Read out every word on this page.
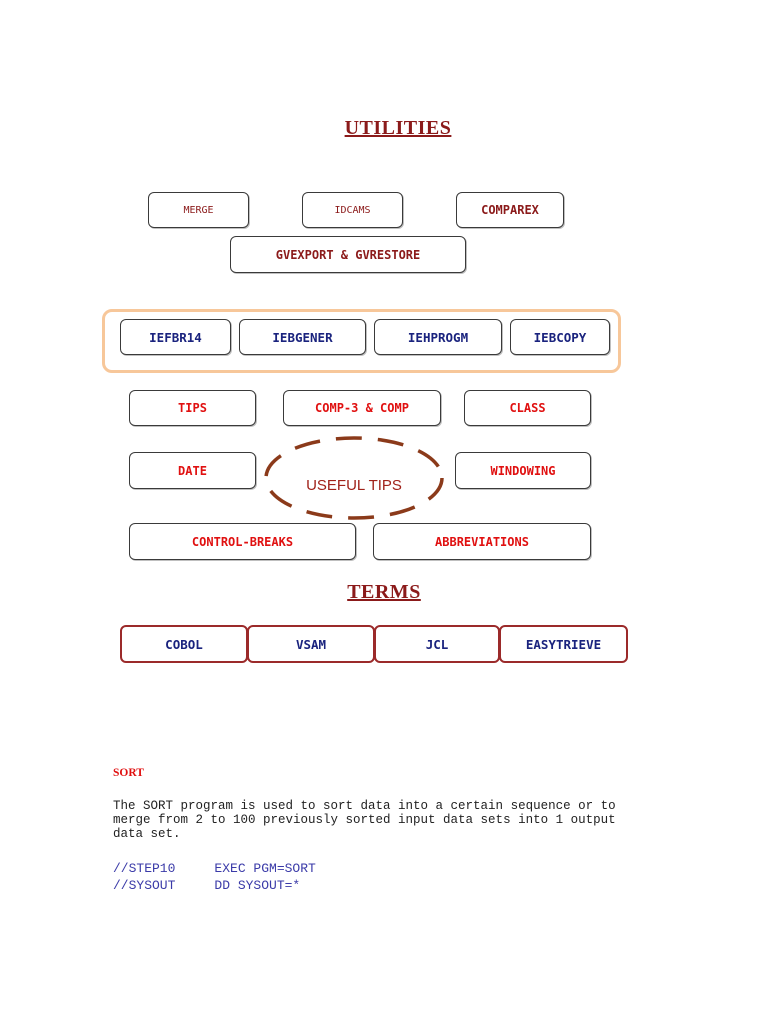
UTILITIES
MERGE	IDCAMS	COMPAREX
GVEXPORT & GVRESTORE
IEFBR14	IEBGENER	IEHPROGM	IEBCOPY
TIPS	COMP-3 & COMP	CLASS
DATE	WINDOWING
USEFUL TIPS
CONTROL-BREAKS	ABBREVIATIONS
TERMS
COBOL	VSAM	JCL	EASYTRIEVE
SORT
The SORT program is used to sort data into a certain sequence or to
merge from 2 to 100 previously sorted input data sets into 1 output
data set.
//STEP10     EXEC PGM=SORT
//SYSOUT     DD SYSOUT=*
